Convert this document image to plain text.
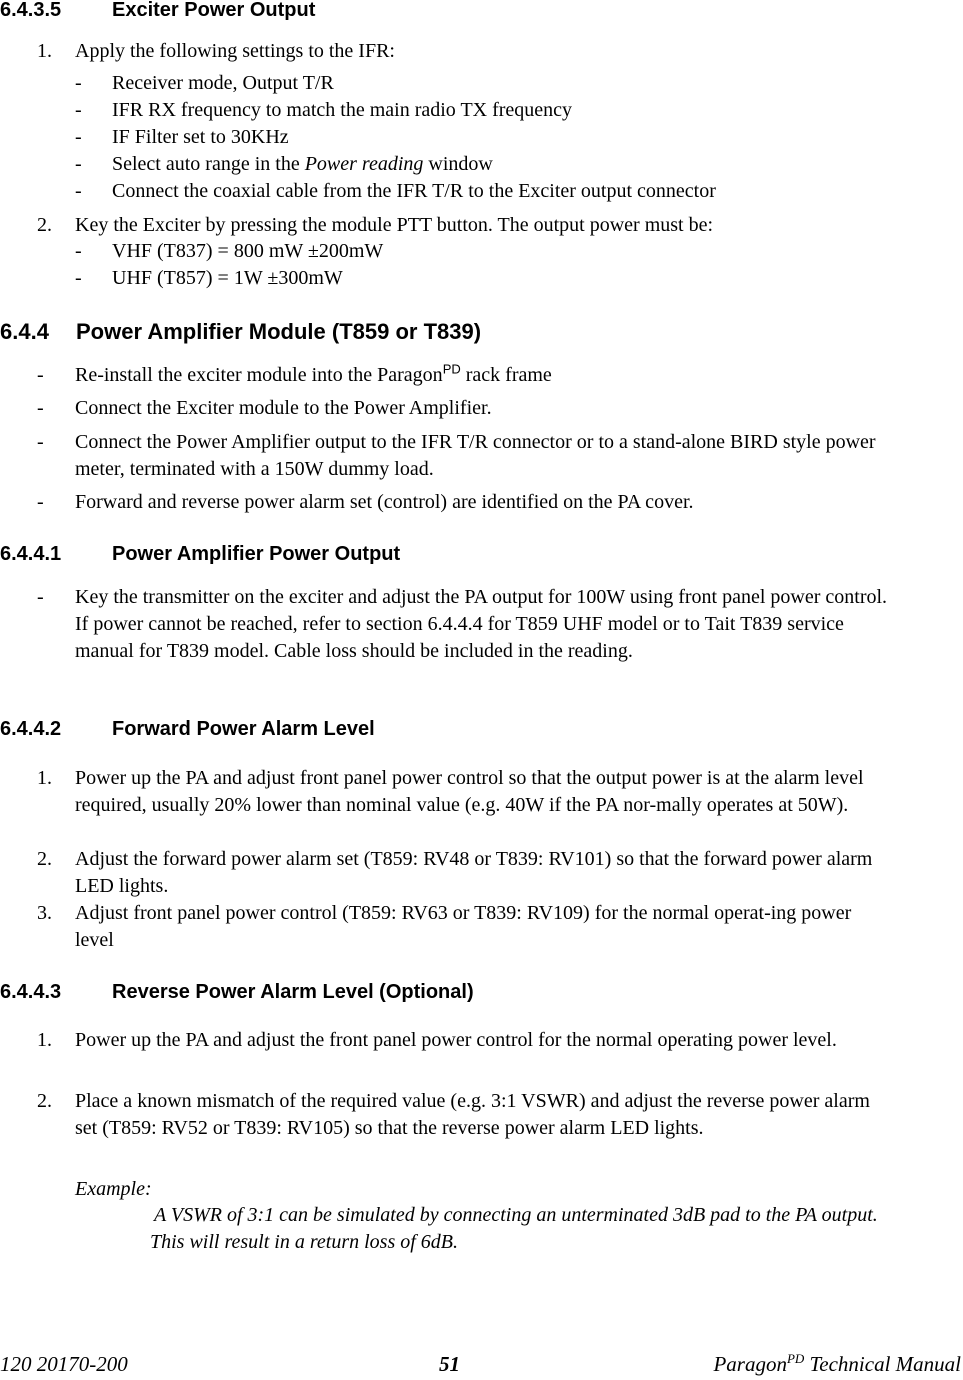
6.4.3.5	Exciter Power Output
1. Apply the following settings to the IFR:
- Receiver mode, Output T/R
- IFR RX frequency to match the main radio TX frequency
- IF Filter set to 30KHz
- Select auto range in the Power reading window
- Connect the coaxial cable from the IFR T/R to the Exciter output connector
2. Key the Exciter by pressing the module PTT button. The output power must be:
- VHF (T837) = 800 mW ±200mW
- UHF (T857) = 1W ±300mW
6.4.4 Power Amplifier Module (T859 or T839)
- Re-install the exciter module into the Paragon$^{PD}$ rack frame
- Connect the Exciter module to the Power Amplifier.
- Connect the Power Amplifier output to the IFR T/R connector or to a stand-alone BIRD style power meter, terminated with a 150W dummy load.
- Forward and reverse power alarm set (control) are identified on the PA cover.
6.4.4.1	Power Amplifier Power Output
- Key the transmitter on the exciter and adjust the PA output for 100W using front panel power control. If power cannot be reached, refer to section 6.4.4.4 for T859 UHF model or to Tait T839 service manual for T839 model. Cable loss should be included in the reading.
6.4.4.2	Forward Power Alarm Level
1. Power up the PA and adjust front panel power control so that the output power is at the alarm level required, usually 20% lower than nominal value (e.g. 40W if the PA nor-mally operates at 50W).
2. Adjust the forward power alarm set (T859: RV48 or T839: RV101) so that the forward power alarm LED lights.
3. Adjust front panel power control (T859: RV63 or T839: RV109) for the normal operat-ing power level
6.4.4.3	Reverse Power Alarm Level (Optional)
1. Power up the PA and adjust the front panel power control for the normal operating power level.
2. Place a known mismatch of the required value (e.g. 3:1 VSWR) and adjust the reverse power alarm set (T859: RV52 or T839: RV105) so that the reverse power alarm LED lights.
Example:
A VSWR of 3:1 can be simulated by connecting an unterminated 3dB pad to the PA output. This will result in a return loss of 6dB.
120 20170-200	51	Paragon$^{PD}$ Technical Manual
